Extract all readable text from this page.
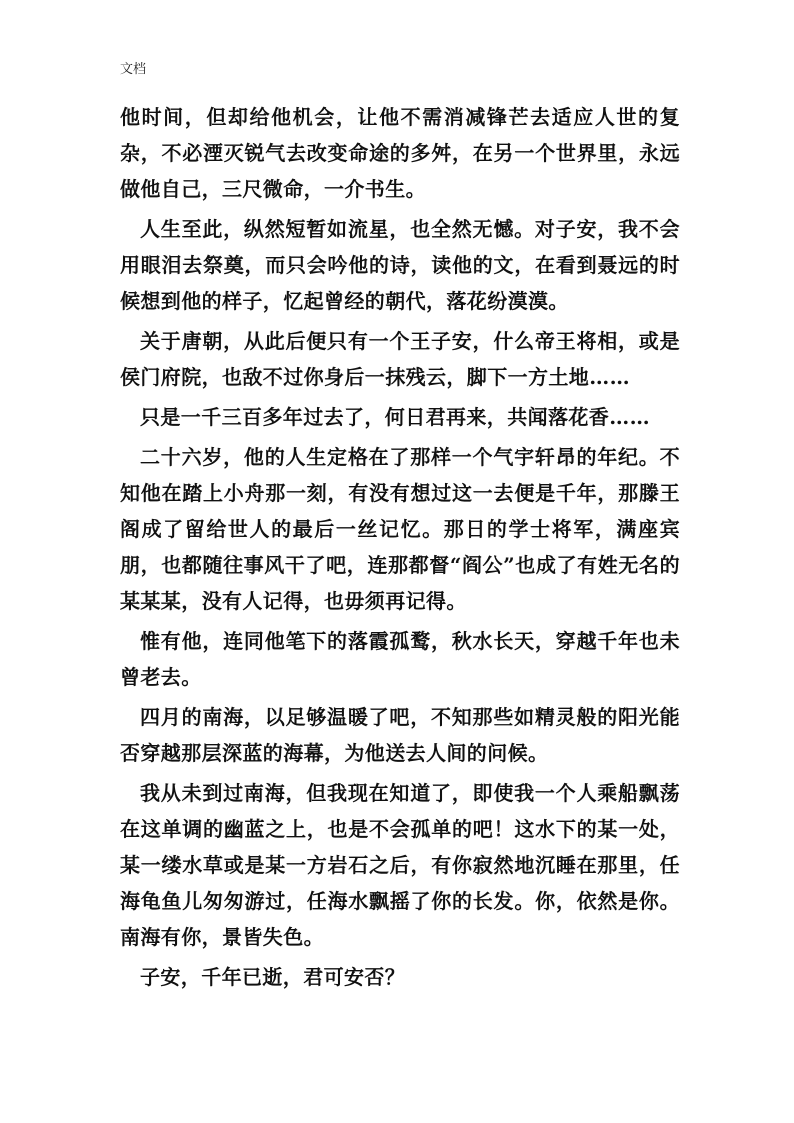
文档

他时间，但却给他机会，让他不需消减锋芒去适应人世的复杂，不必湮灭锐气去改变命途的多舛，在另一个世界里，永远做他自己，三尺微命，一介书生。

人生至此，纵然短暂如流星，也全然无憾。对子安，我不会用眼泪去祭奠，而只会吟他的诗，读他的文，在看到聂远的时候想到他的样子，忆起曾经的朝代，落花纷漠漠。

关于唐朝，从此后便只有一个王子安，什么帝王将相，或是侯门府院，也敌不过你身后一抹残云，脚下一方土地……

只是一千三百多年过去了，何日君再来，共闻落花香……

二十六岁，他的人生定格在了那样一个气宇轩昂的年纪。不知他在踏上小舟那一刻，有没有想过这一去便是千年，那滕王阁成了留给世人的最后一丝记忆。那日的学士将军，满座宾朋，也都随往事风干了吧，连那都督“阎公”也成了有姓无名的某某某，没有人记得，也毋须再记得。

惟有他，连同他笔下的落霞孤鹜，秋水长天，穿越千年也未曾老去。

四月的南海，以足够温暖了吧，不知那些如精灵般的阳光能否穿越那层深蓝的海幕，为他送去人间的问候。

我从未到过南海，但我现在知道了，即使我一个人乘船飘荡在这单调的幽蓝之上，也是不会孤单的吧！这水下的某一处，某一缕水草或是某一方岩石之后，有你寂然地沉睡在那里，任海龟鱼儿匆匆游过，任海水飘摇了你的长发。你，依然是你。南海有你，景皆失色。

子安，千年已逝，君可安否？
